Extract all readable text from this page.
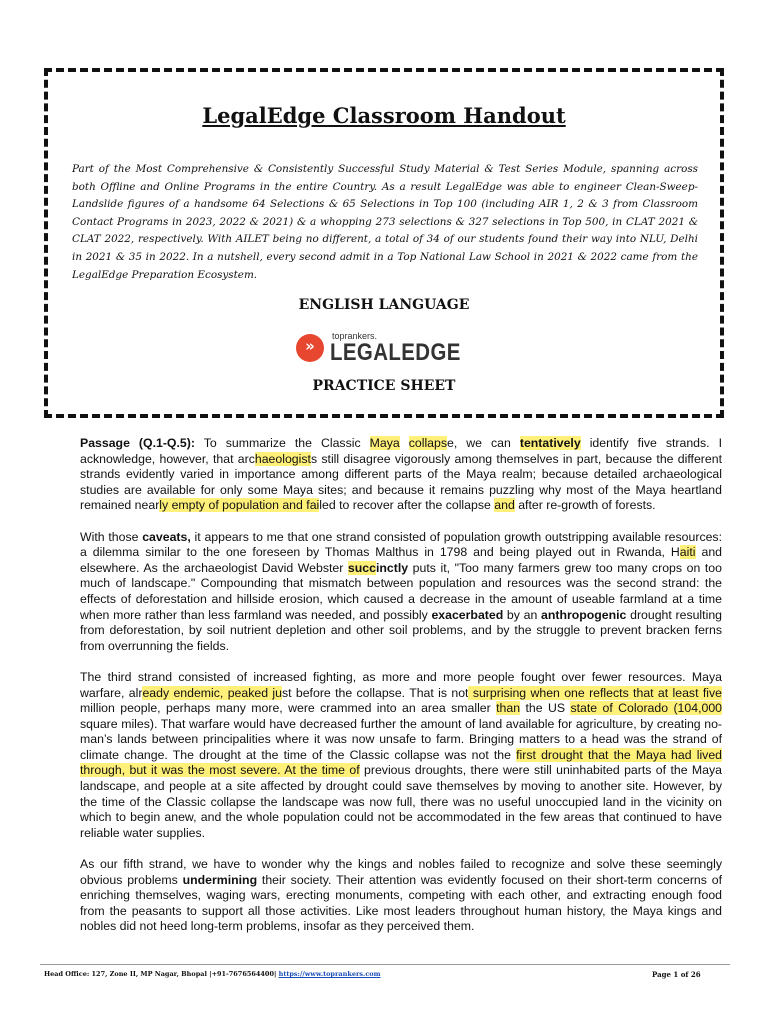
LegalEdge Classroom Handout
Part of the Most Comprehensive & Consistently Successful Study Material & Test Series Module, spanning across both Offline and Online Programs in the entire Country. As a result LegalEdge was able to engineer Clean-Sweep-Landslide figures of a handsome 64 Selections & 65 Selections in Top 100 (including AIR 1, 2 & 3 from Classroom Contact Programs in 2023, 2022 & 2021) & a whopping 273 selections & 327 selections in Top 500, in CLAT 2021 & CLAT 2022, respectively. With AILET being no different, a total of 34 of our students found their way into NLU, Delhi in 2021 & 35 in 2022. In a nutshell, every second admit in a Top National Law School in 2021 & 2022 came from the LegalEdge Preparation Ecosystem.
ENGLISH LANGUAGE
»
toprankers.
LEGALEDGE
PRACTICE SHEET

Passage (Q.1-Q.5): To summarize the Classic Maya collapse, we can tentatively identify five strands. I acknowledge, however, that archaeologists still disagree vigorously among themselves in part, because the different strands evidently varied in importance among different parts of the Maya realm; because detailed archaeological studies are available for only some Maya sites; and because it remains puzzling why most of the Maya heartland remained nearly empty of population and failed to recover after the collapse and after re-growth of forests.

With those caveats, it appears to me that one strand consisted of population growth outstripping available resources: a dilemma similar to the one foreseen by Thomas Malthus in 1798 and being played out in Rwanda, Haiti and elsewhere. As the archaeologist David Webster succinctly puts it, "Too many farmers grew too many crops on too much of landscape." Compounding that mismatch between population and resources was the second strand: the effects of deforestation and hillside erosion, which caused a decrease in the amount of useable farmland at a time when more rather than less farmland was needed, and possibly exacerbated by an anthropogenic drought resulting from deforestation, by soil nutrient depletion and other soil problems, and by the struggle to prevent bracken ferns from overrunning the fields.

The third strand consisted of increased fighting, as more and more people fought over fewer resources. Maya warfare, already endemic, peaked just before the collapse. That is not surprising when one reflects that at least five million people, perhaps many more, were crammed into an area smaller than the US state of Colorado (104,000 square miles). That warfare would have decreased further the amount of land available for agriculture, by creating no-man’s lands between principalities where it was now unsafe to farm. Bringing matters to a head was the strand of climate change. The drought at the time of the Classic collapse was not the first drought that the Maya had lived through, but it was the most severe. At the time of previous droughts, there were still uninhabited parts of the Maya landscape, and people at a site affected by drought could save themselves by moving to another site. However, by the time of the Classic collapse the landscape was now full, there was no useful unoccupied land in the vicinity on which to begin anew, and the whole population could not be accommodated in the few areas that continued to have reliable water supplies.

As our fifth strand, we have to wonder why the kings and nobles failed to recognize and solve these seemingly obvious problems undermining their society. Their attention was evidently focused on their short-term concerns of enriching themselves, waging wars, erecting monuments, competing with each other, and extracting enough food from the peasants to support all those activities. Like most leaders throughout human history, the Maya kings and nobles did not heed long-term problems, insofar as they perceived them.

Head Office: 127, Zone II, MP Nagar, Bhopal |+91-7676564400| https://www.toprankers.com	Page 1 of 26
